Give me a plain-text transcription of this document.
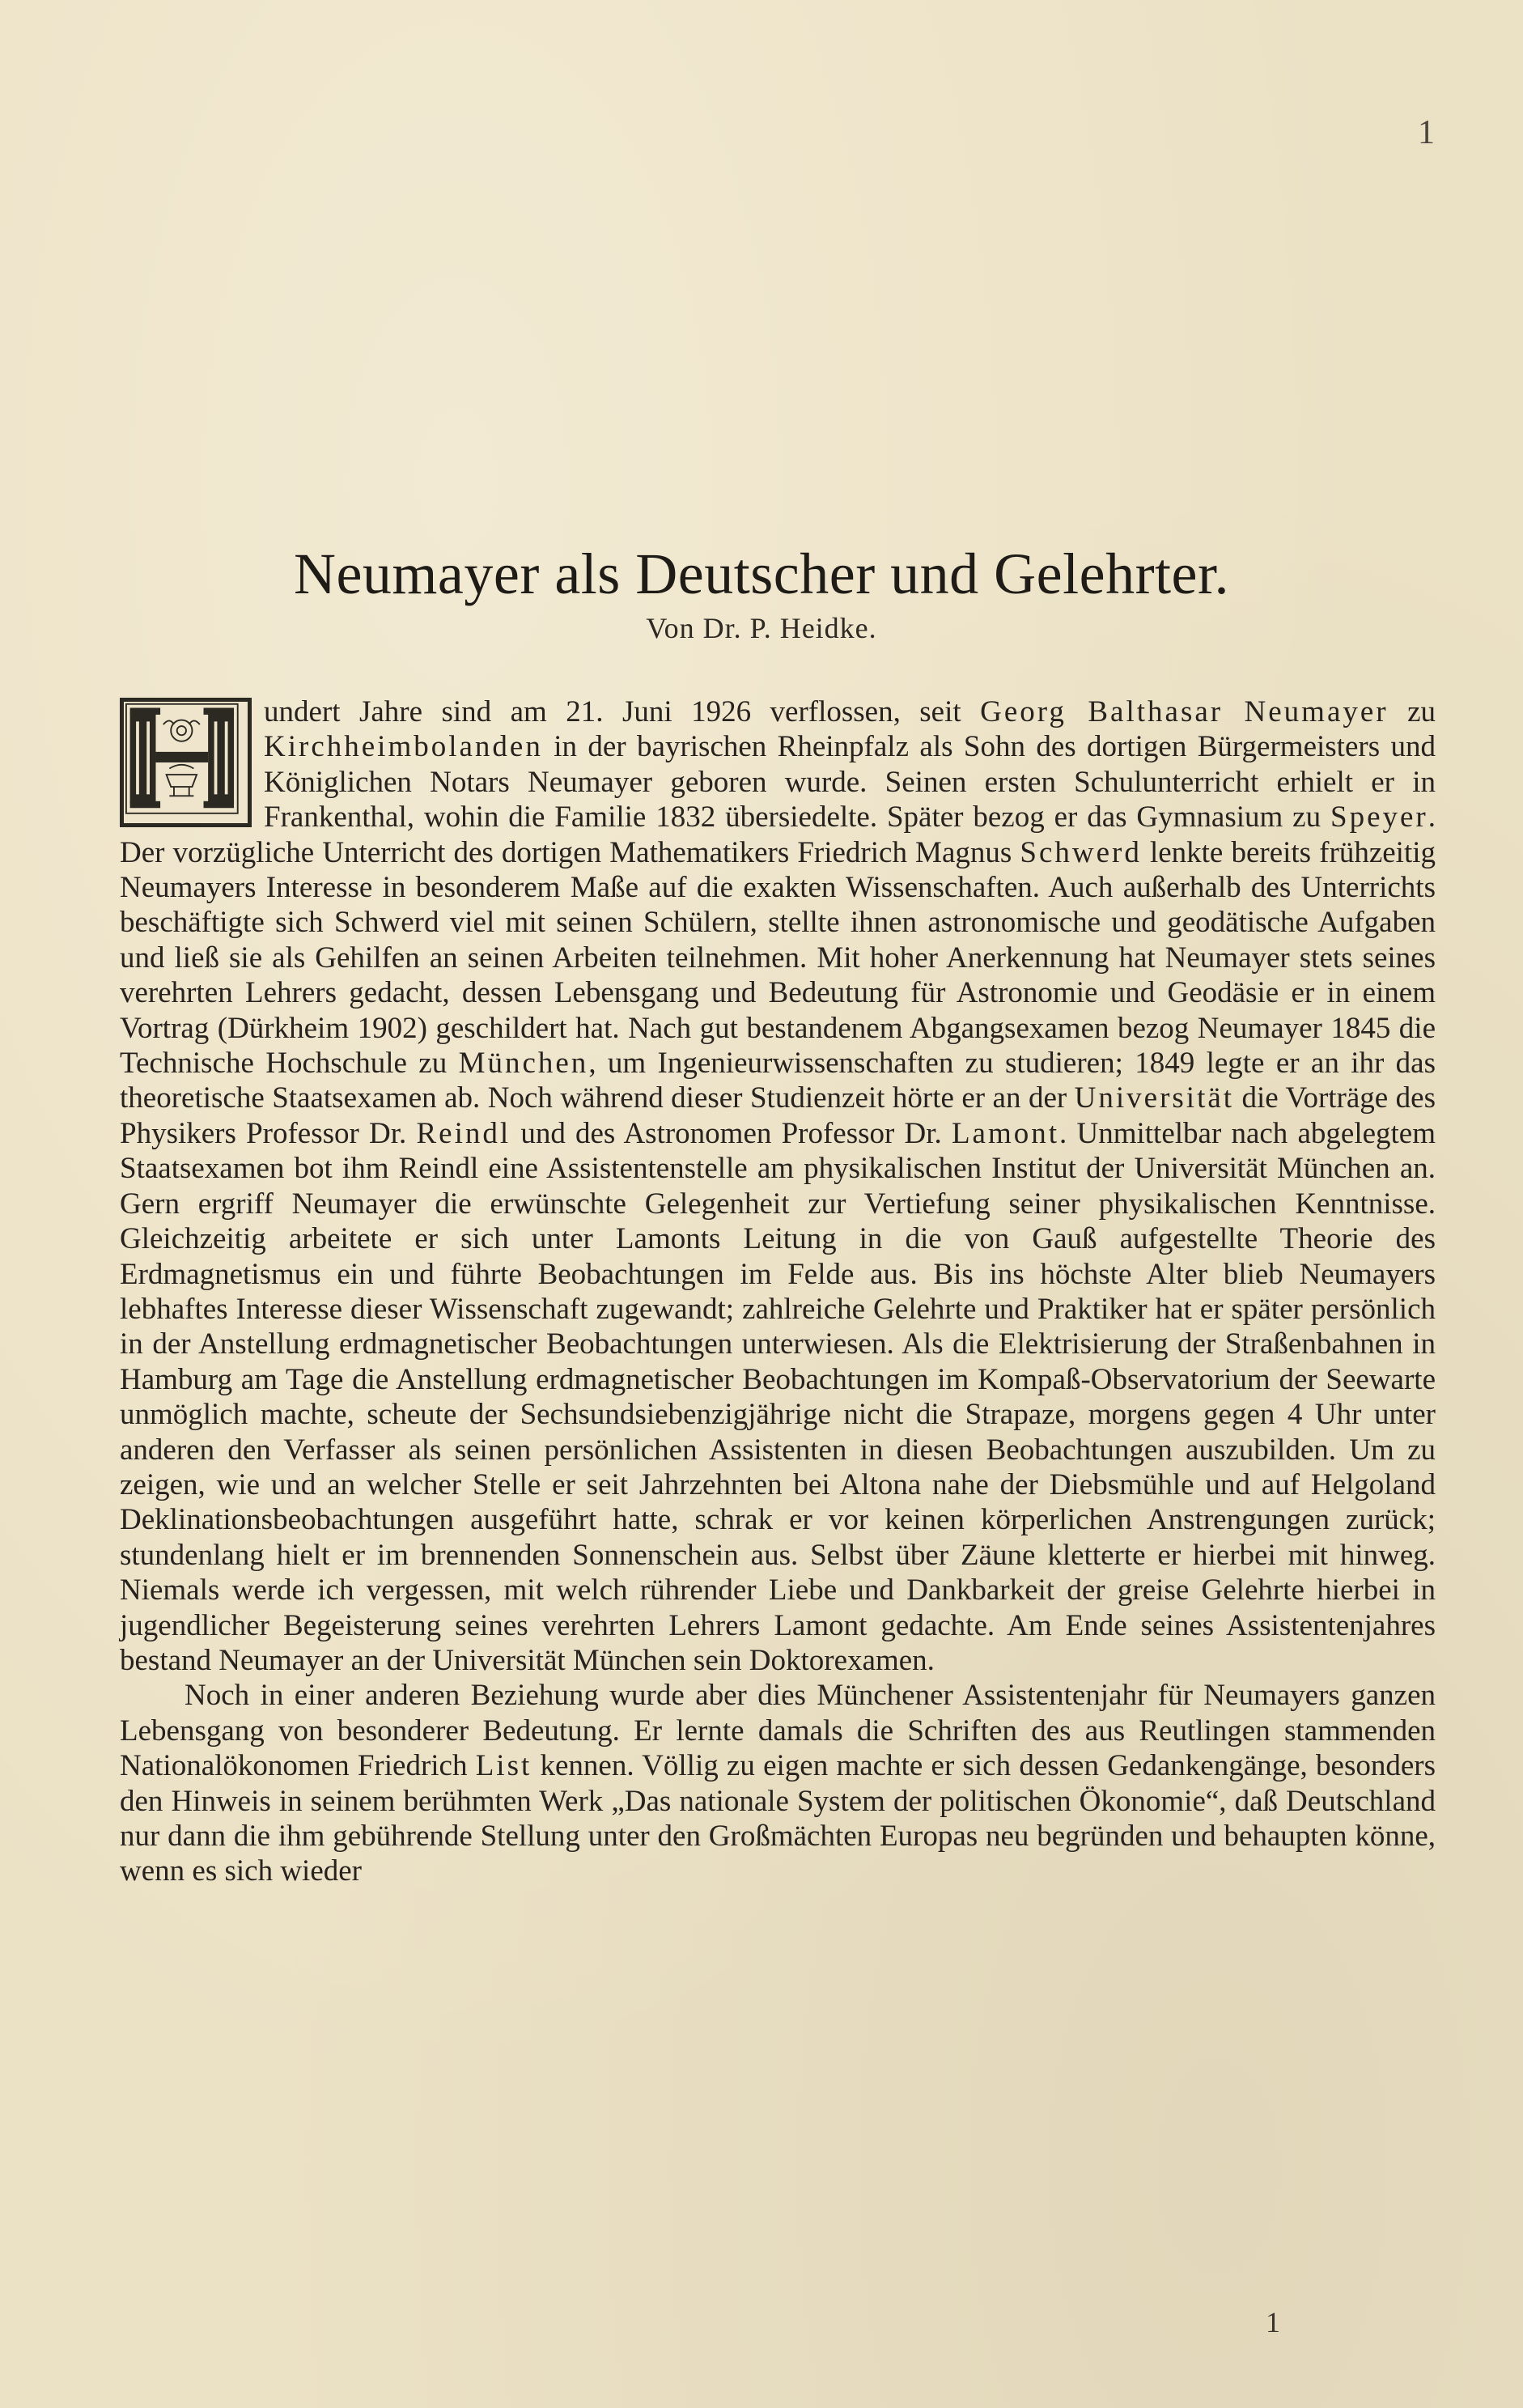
1
Neumayer als Deutscher und Gelehrter.
Von Dr. P. Heidke.

undert Jahre sind am 21. Juni 1926 verflossen, seit Georg Balthasar Neumayer zu Kirchheimbolanden in der bayrischen Rheinpfalz als Sohn des dortigen Bürgermeisters und Königlichen Notars Neumayer geboren wurde. Seinen ersten Schulunterricht erhielt er in Frankenthal, wohin die Familie 1832 übersiedelte. Später bezog er das Gymnasium zu Speyer. Der vorzügliche Unterricht des dortigen Mathematikers Friedrich Magnus Schwerd lenkte bereits frühzeitig Neumayers Interesse in besonderem Maße auf die exakten Wissenschaften. Auch außerhalb des Unterrichts beschäftigte sich Schwerd viel mit seinen Schülern, stellte ihnen astronomische und geodätische Aufgaben und ließ sie als Gehilfen an seinen Arbeiten teilnehmen. Mit hoher Anerkennung hat Neumayer stets seines verehrten Lehrers gedacht, dessen Lebensgang und Bedeutung für Astronomie und Geodäsie er in einem Vortrag (Dürkheim 1902) geschildert hat. Nach gut bestandenem Abgangsexamen bezog Neumayer 1845 die Technische Hochschule zu München, um Ingenieurwissenschaften zu studieren; 1849 legte er an ihr das theoretische Staatsexamen ab. Noch während dieser Studienzeit hörte er an der Universität die Vorträge des Physikers Professor Dr. Reindl und des Astronomen Professor Dr. Lamont. Unmittelbar nach abgelegtem Staatsexamen bot ihm Reindl eine Assistentenstelle am physikalischen Institut der Universität München an. Gern ergriff Neumayer die erwünschte Gelegenheit zur Vertiefung seiner physikalischen Kenntnisse. Gleichzeitig arbeitete er sich unter Lamonts Leitung in die von Gauß aufgestellte Theorie des Erdmagnetismus ein und führte Beobachtungen im Felde aus. Bis ins höchste Alter blieb Neumayers lebhaftes Interesse dieser Wissenschaft zugewandt; zahlreiche Gelehrte und Praktiker hat er später persönlich in der Anstellung erdmagnetischer Beobachtungen unterwiesen. Als die Elektrisierung der Straßenbahnen in Hamburg am Tage die Anstellung erdmagnetischer Beobachtungen im Kompaß-Observatorium der Seewarte unmöglich machte, scheute der Sechsundsiebenzigjährige nicht die Strapaze, morgens gegen 4 Uhr unter anderen den Verfasser als seinen persönlichen Assistenten in diesen Beobachtungen auszubilden. Um zu zeigen, wie und an welcher Stelle er seit Jahrzehnten bei Altona nahe der Diebsmühle und auf Helgoland Deklinationsbeobachtungen ausgeführt hatte, schrak er vor keinen körperlichen Anstrengungen zurück; stundenlang hielt er im brennenden Sonnenschein aus. Selbst über Zäune kletterte er hierbei mit hinweg. Niemals werde ich vergessen, mit welch rührender Liebe und Dankbarkeit der greise Gelehrte hierbei in jugendlicher Begeisterung seines verehrten Lehrers Lamont gedachte. Am Ende seines Assistentenjahres bestand Neumayer an der Universität München sein Doktorexamen.

Noch in einer anderen Beziehung wurde aber dies Münchener Assistentenjahr für Neumayers ganzen Lebensgang von besonderer Bedeutung. Er lernte damals die Schriften des aus Reutlingen stammenden Nationalökonomen Friedrich List kennen. Völlig zu eigen machte er sich dessen Gedankengänge, besonders den Hinweis in seinem berühmten Werk „Das nationale System der politischen Ökonomie“, daß Deutschland nur dann die ihm gebührende Stellung unter den Großmächten Europas neu begründen und behaupten könne, wenn es sich wieder

1
